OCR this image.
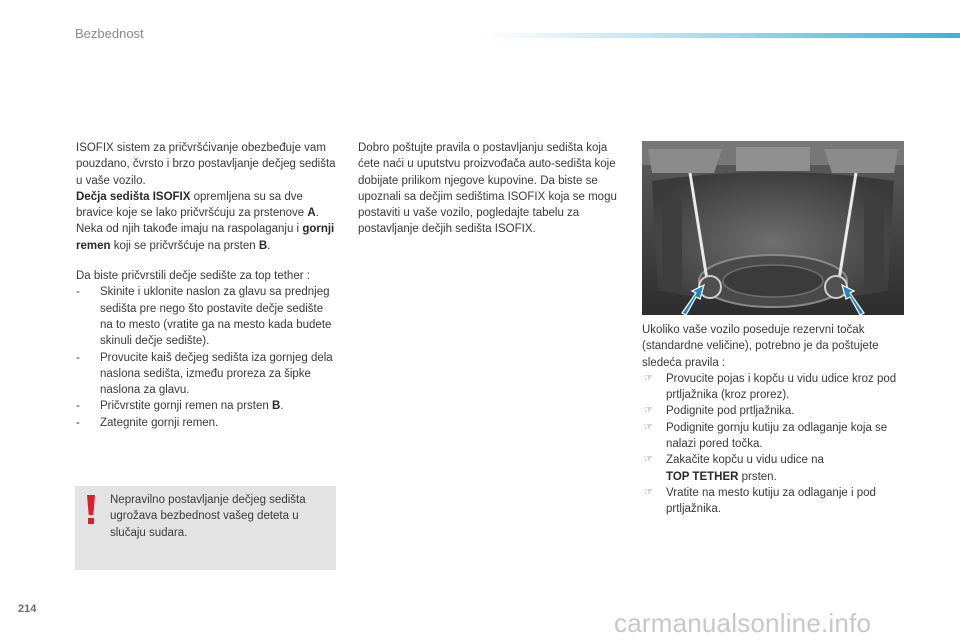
Bezbednost

ISOFIX sistem za pričvršćivanje obezbeđuje vam pouzdano, čvrsto i brzo postavljanje dečjeg sedišta u vaše vozilo.
Dečja sedišta ISOFIX opremljena su sa dve bravice koje se lako pričvršćuju za prstenove A.
Neka od njih takođe imaju na raspolaganju i gornji remen koji se pričvršćuje na prsten B.

Da biste pričvrstili dečje sedište za top tether :

- Skinite i uklonite naslon za glavu sa prednjeg sedišta pre nego što postavite dečje sedište na to mesto (vratite ga na mesto kada budete skinuli dečje sedište).
- Provucite kaiš dečjeg sedišta iza gornjeg dela naslona sedišta, između proreza za šipke naslona za glavu.
- Pričvrstite gornji remen na prsten B.
- Zategnite gornji remen.
Nepravilno postavljanje dečjeg sedišta ugrožava bezbednost vašeg deteta u slučaju sudara.

Dobro poštujte pravila o postavljanju sedišta koja ćete naći u uputstvu proizvođača auto-sedišta koje dobijate prilikom njegove kupovine. Da biste se upoznali sa dečjim sedištima ISOFIX koja se mogu postaviti u vaše vozilo, pogledajte tabelu za postavljanje dečjih sedišta ISOFIX.

Ukoliko vaše vozilo poseduje rezervni točak (standardne veličine), potrebno je da poštujete sledeća pravila :

☞ Provucite pojas i kopču u vidu udice kroz pod prtljažnika (kroz prorez).
☞ Podignite pod prtljažnika.
☞ Podignite gornju kutiju za odlaganje koja se nalazi pored točka.
☞ Zakačite kopču u vidu udice na
TOP TETHER prsten.
☞ Vratite na mesto kutiju za odlaganje i pod prtljažnika.
214	carmanualsonline.info
